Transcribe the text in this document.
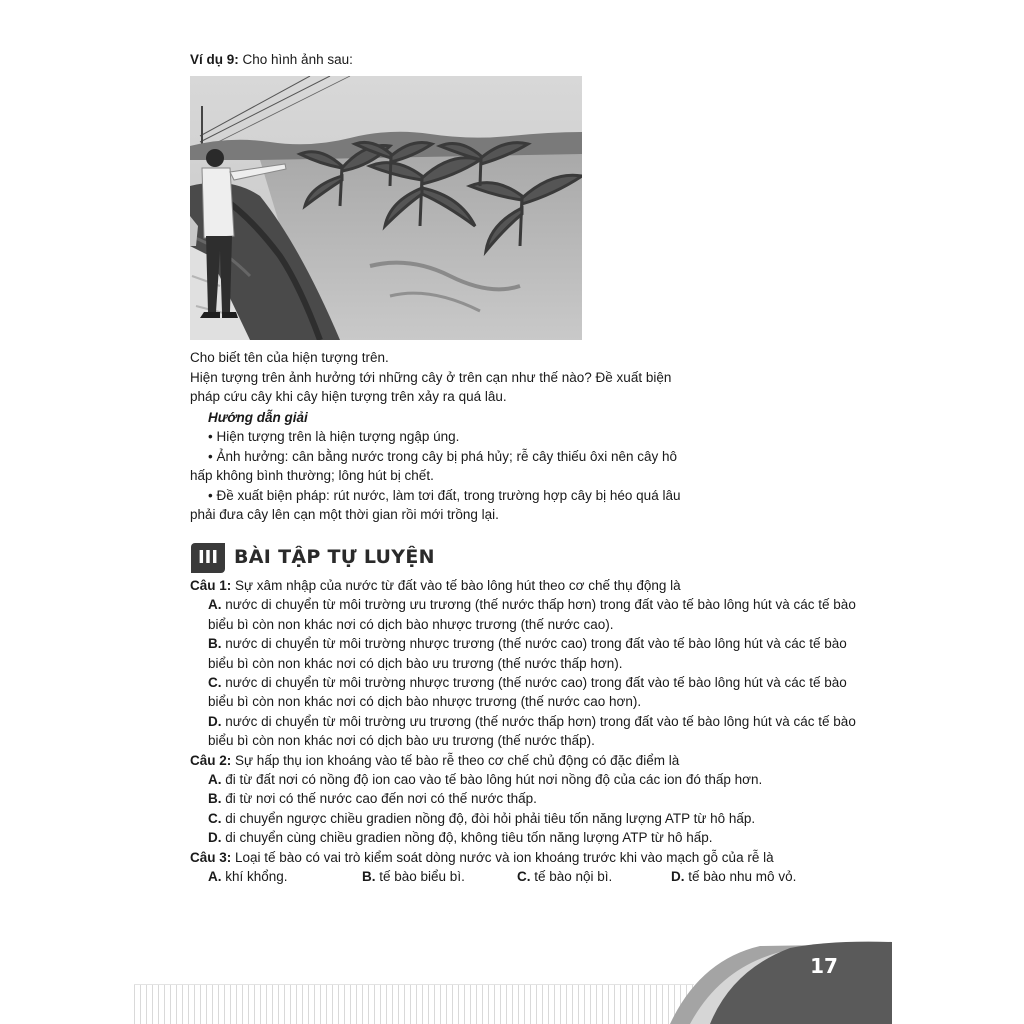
Ví dụ 9: Cho hình ảnh sau:
Cho biết tên của hiện tượng trên.
Hiện tượng trên ảnh hưởng tới những cây ở trên cạn như thế nào? Đề xuất biện
pháp cứu cây khi cây hiện tượng trên xảy ra quá lâu.
Hướng dẫn giải
• Hiện tượng trên là hiện tượng ngập úng.
• Ảnh hưởng: cân bằng nước trong cây bị phá hủy; rễ cây thiếu ôxi nên cây hô
hấp không bình thường; lông hút bị chết.
• Đề xuất biện pháp: rút nước, làm tơi đất, trong trường hợp cây bị héo quá lâu
phải đưa cây lên cạn một thời gian rồi mới trồng lại.
III BÀI TẬP TỰ LUYỆN
Câu 1: Sự xâm nhập của nước từ đất vào tế bào lông hút theo cơ chế thụ động là
A. nước di chuyển từ môi trường ưu trương (thế nước thấp hơn) trong đất vào tế bào lông hút và các tế bào
biểu bì còn non khác nơi có dịch bào nhược trương (thế nước cao).
B. nước di chuyển từ môi trường nhược trương (thế nước cao) trong đất vào tế bào lông hút và các tế bào
biểu bì còn non khác nơi có dịch bào ưu trương (thế nước thấp hơn).
C. nước di chuyển từ môi trường nhược trương (thế nước cao) trong đất vào tế bào lông hút và các tế bào
biểu bì còn non khác nơi có dịch bào nhược trương (thế nước cao hơn).
D. nước di chuyển từ môi trường ưu trương (thế nước thấp hơn) trong đất vào tế bào lông hút và các tế bào
biểu bì còn non khác nơi có dịch bào ưu trương (thế nước thấp).
Câu 2: Sự hấp thụ ion khoáng vào tế bào rễ theo cơ chế chủ động có đặc điểm là
A. đi từ đất nơi có nồng độ ion cao vào tế bào lông hút nơi nồng độ của các ion đó thấp hơn.
B. đi từ nơi có thế nước cao đến nơi có thế nước thấp.
C. di chuyển ngược chiều gradien nồng độ, đòi hỏi phải tiêu tốn năng lượng ATP từ hô hấp.
D. di chuyển cùng chiều gradien nồng độ, không tiêu tốn năng lượng ATP từ hô hấp.
Câu 3: Loại tế bào có vai trò kiểm soát dòng nước và ion khoáng trước khi vào mạch gỗ của rễ là
A. khí khổng.	B. tế bào biểu bì.	C. tế bào nội bì.	D. tế bào nhu mô vỏ.
17
